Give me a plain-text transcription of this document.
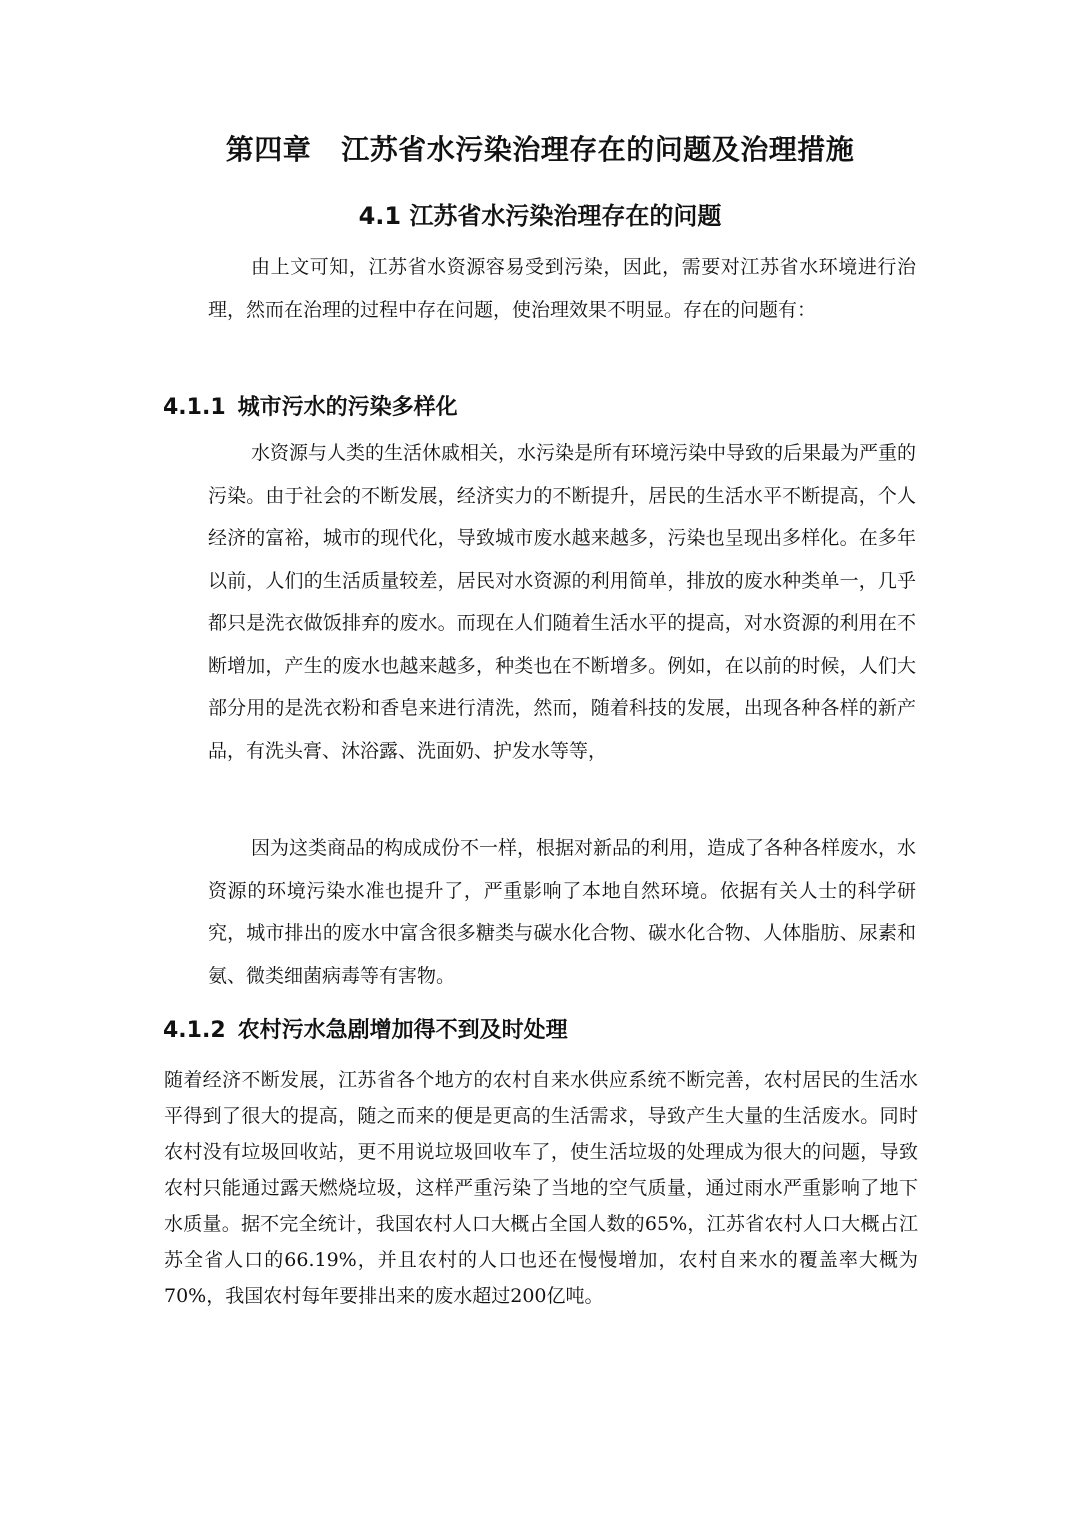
第四章 江苏省水污染治理存在的问题及治理措施
4.1 江苏省水污染治理存在的问题

由上文可知，江苏省水资源容易受到污染，因此，需要对江苏省水环境进行治理，然而在治理的过程中存在问题，使治理效果不明显。存在的问题有：

4.1.1 城市污水的污染多样化

水资源与人类的生活休戚相关，水污染是所有环境污染中导致的后果最为严重的污染。由于社会的不断发展，经济实力的不断提升，居民的生活水平不断提高，个人经济的富裕，城市的现代化，导致城市废水越来越多，污染也呈现出多样化。在多年以前，人们的生活质量较差，居民对水资源的利用简单，排放的废水种类单一，几乎都只是洗衣做饭排弃的废水。而现在人们随着生活水平的提高，对水资源的利用在不断增加，产生的废水也越来越多，种类也在不断增多。例如，在以前的时候，人们大部分用的是洗衣粉和香皂来进行清洗，然而，随着科技的发展，出现各种各样的新产品，有洗头膏、沐浴露、洗面奶、护发水等等，

因为这类商品的构成成份不一样，根据对新品的利用，造成了各种各样废水，水资源的环境污染水准也提升了，严重影响了本地自然环境。依据有关人士的科学研究，城市排出的废水中富含很多糖类与碳水化合物、碳水化合物、人体脂肪、尿素和氨、微类细菌病毒等有害物。

4.1.2 农村污水急剧增加得不到及时处理

随着经济不断发展，江苏省各个地方的农村自来水供应系统不断完善，农村居民的生活水平得到了很大的提高，随之而来的便是更高的生活需求，导致产生大量的生活废水。同时农村没有垃圾回收站，更不用说垃圾回收车了，使生活垃圾的处理成为很大的问题，导致农村只能通过露天燃烧垃圾，这样严重污染了当地的空气质量，通过雨水严重影响了地下水质量。据不完全统计，我国农村人口大概占全国人数的65%，江苏省农村人口大概占江苏全省人口的66.19%，并且农村的人口也还在慢慢增加，农村自来水的覆盖率大概为70%，我国农村每年要排出来的废水超过200亿吨。
